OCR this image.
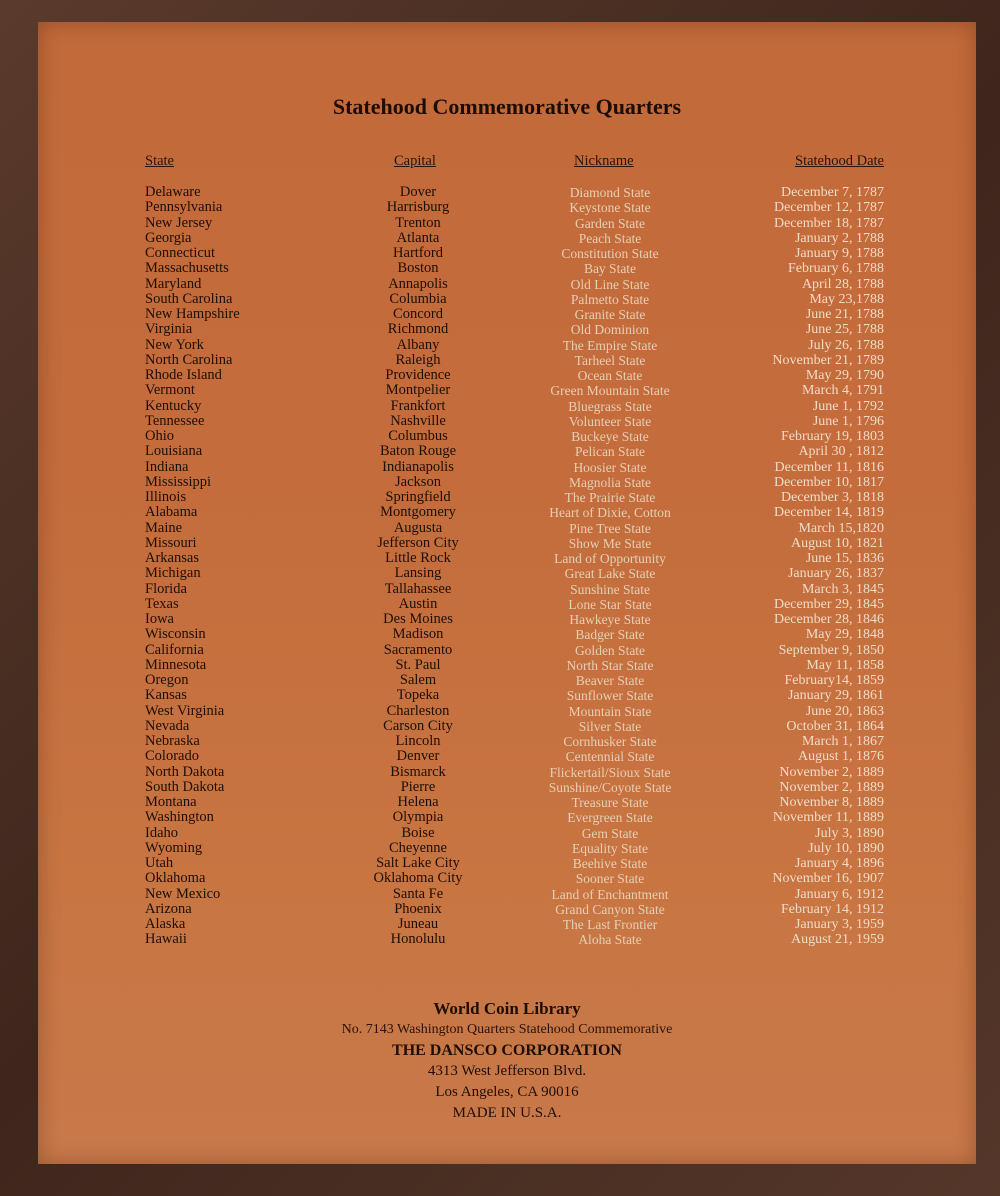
Statehood Commemorative Quarters
State	Capital	Nickname	Statehood Date
Delaware	Dover	Diamond State	December 7, 1787
Pennsylvania	Harrisburg	Keystone State	December 12, 1787
New Jersey	Trenton	Garden State	December 18, 1787
Georgia	Atlanta	Peach State	January 2, 1788
Connecticut	Hartford	Constitution State	January 9, 1788
Massachusetts	Boston	Bay State	February 6, 1788
Maryland	Annapolis	Old Line State	April 28, 1788
South Carolina	Columbia	Palmetto State	May 23,1788
New Hampshire	Concord	Granite State	June 21, 1788
Virginia	Richmond	Old Dominion	June 25, 1788
New York	Albany	The Empire State	July 26, 1788
North Carolina	Raleigh	Tarheel State	November 21, 1789
Rhode Island	Providence	Ocean State	May 29, 1790
Vermont	Montpelier	Green Mountain State	March 4, 1791
Kentucky	Frankfort	Bluegrass State	June 1, 1792
Tennessee	Nashville	Volunteer State	June 1, 1796
Ohio	Columbus	Buckeye State	February 19, 1803
Louisiana	Baton Rouge	Pelican State	April 30 , 1812
Indiana	Indianapolis	Hoosier State	December 11, 1816
Mississippi	Jackson	Magnolia State	December 10, 1817
Illinois	Springfield	The Prairie State	December 3, 1818
Alabama	Montgomery	Heart of Dixie, Cotton	December 14, 1819
Maine	Augusta	Pine Tree State	March 15,1820
Missouri	Jefferson City	Show Me State	August 10, 1821
Arkansas	Little Rock	Land of Opportunity	June 15, 1836
Michigan	Lansing	Great Lake State	January 26, 1837
Florida	Tallahassee	Sunshine State	March 3, 1845
Texas	Austin	Lone Star State	December 29, 1845
Iowa	Des Moines	Hawkeye State	December 28, 1846
Wisconsin	Madison	Badger State	May 29, 1848
California	Sacramento	Golden State	September 9, 1850
Minnesota	St. Paul	North Star State	May 11, 1858
Oregon	Salem	Beaver State	February14, 1859
Kansas	Topeka	Sunflower State	January 29, 1861
West Virginia	Charleston	Mountain State	June 20, 1863
Nevada	Carson City	Silver State	October 31, 1864
Nebraska	Lincoln	Cornhusker State	March 1, 1867
Colorado	Denver	Centennial State	August 1, 1876
North Dakota	Bismarck	Flickertail/Sioux State	November 2, 1889
South Dakota	Pierre	Sunshine/Coyote State	November 2, 1889
Montana	Helena	Treasure State	November 8, 1889
Washington	Olympia	Evergreen State	November 11, 1889
Idaho	Boise	Gem State	July 3, 1890
Wyoming	Cheyenne	Equality State	July 10, 1890
Utah	Salt Lake City	Beehive State	January 4, 1896
Oklahoma	Oklahoma City	Sooner State	November 16, 1907
New Mexico	Santa Fe	Land of Enchantment	January 6, 1912
Arizona	Phoenix	Grand Canyon State	February 14, 1912
Alaska	Juneau	The Last Frontier	January 3, 1959
Hawaii	Honolulu	Aloha State	August 21, 1959
World Coin Library
No. 7143 Washington Quarters Statehood Commemorative
THE DANSCO CORPORATION
4313 West Jefferson Blvd.
Los Angeles, CA 90016
MADE IN U.S.A.
